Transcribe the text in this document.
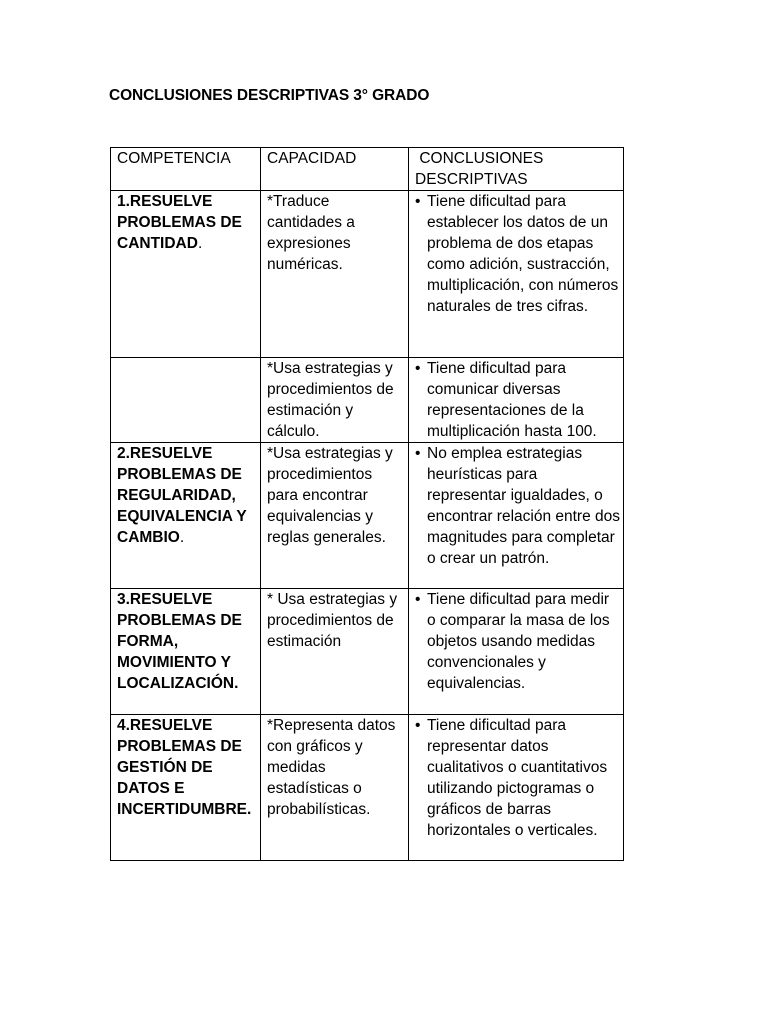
CONCLUSIONES DESCRIPTIVAS 3° GRADO
COMPETENCIA	CAPACIDAD	CONCLUSIONES DESCRIPTIVAS
1.RESUELVE PROBLEMAS DE CANTIDAD.	*Traduce cantidades a expresiones numéricas.	• Tiene dificultad para establecer los datos de un problema de dos etapas como adición, sustracción, multiplicación, con números naturales de tres cifras.

	*Usa estrategias y procedimientos de estimación y cálculo.	• Tiene dificultad para comunicar diversas representaciones de la multiplicación hasta 100.

2.RESUELVE PROBLEMAS DE REGULARIDAD, EQUIVALENCIA Y CAMBIO.	*Usa estrategias y procedimientos para encontrar equivalencias y reglas generales.	• No emplea estrategias heurísticas para representar igualdades, o encontrar relación entre dos magnitudes para completar o crear un patrón.

3.RESUELVE PROBLEMAS DE FORMA, MOVIMIENTO Y LOCALIZACIÓN.	* Usa estrategias y procedimientos de estimación	• Tiene dificultad para medir o comparar la masa de los objetos usando medidas convencionales y equivalencias.

4.RESUELVE PROBLEMAS DE GESTIÓN DE DATOS E INCERTIDUMBRE.	*Representa datos con gráficos y medidas estadísticas o probabilísticas.	• Tiene dificultad para representar datos cualitativos o cuantitativos utilizando pictogramas o gráficos de barras horizontales o verticales.
